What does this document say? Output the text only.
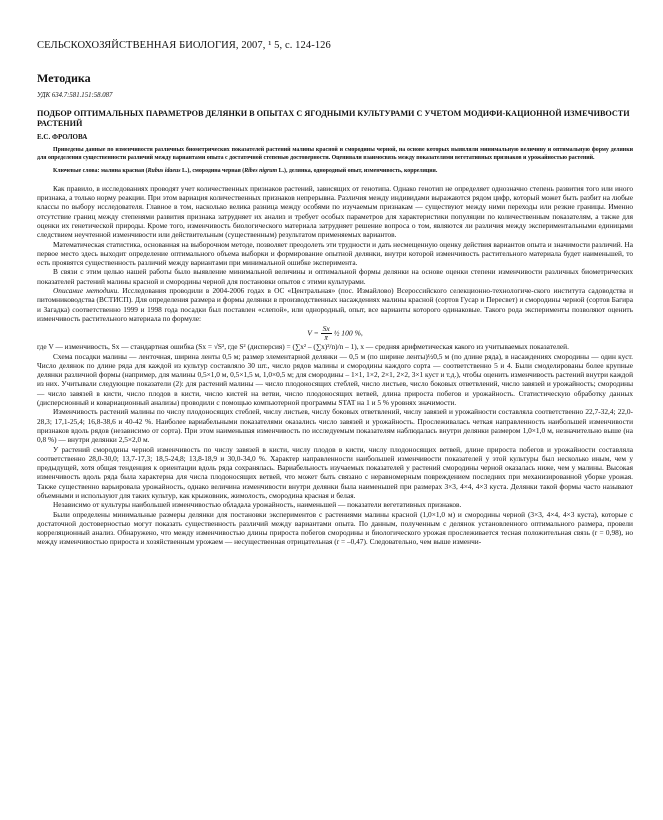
СЕЛЬСКОХОЗЯЙСТВЕННАЯ БИОЛОГИЯ, 2007, ¹ 5, с. 124-126

Методика

УДК 634.7:581.151:58.087

ПОДБОР ОПТИМАЛЬНЫХ ПАРАМЕТРОВ ДЕЛЯНКИ В ОПЫТАХ С ЯГОДНЫМИ КУЛЬТУРАМИ С УЧЕТОМ МОДИФИ-КАЦИОННОЙ ИЗМЕЧИВОСТИ РАСТЕНИЙ

Е.С. ФРОЛОВА

Приведены данные по изменчивости различных биометрических показателей растений малины красной и смородины черной, на основе которых выявляли минимальную величину и оптимальную форму делянки для определения существенности различий между вариантами опыта с достаточной степенью достоверности. Оценивали взаимосвязь между показателями вегетативных признаков и урожайностью растений.

Ключевые слова: малина красная (Rubus idaeus L.), смородина черная (Ribes nigrum L.), делянка, однородный опыт, изменчивость, корреляция.

Как правило, в исследованиях проводят учет количественных признаков растений, зависящих от генотипа. Однако генотип не определяет однозначно степень развития того или иного признака, а только норму реакции. При этом вариация количественных признаков непрерывна. Различия между индивидами выражаются рядом цифр, который может быть разбит на любые классы по выбору исследователя. Главное в том, насколько велика разница между особями по изучаемым признакам — существуют между ними переходы или резкие границы. Именно отсутствие границ между степенями развития признака затрудняет их анализ и требует особых параметров для характеристики популяции по количественным показателям, а также для оценки их генетической природы. Кроме того, изменчивость биологического материала затрудняет решение вопроса о том, являются ли различия между экспериментальными единицами следствием неучтенной изменчивости или действительным (существенным) результатом применяемых вариантов.

Математическая статистика, основанная на выборочном методе, позволяет преодолеть эти трудности и дать несмещенную оценку действия вариантов опыта и значимости различий. На первое место здесь выходит определение оптимального объема выборки и формирование опытной делянки, внутри которой изменчивость растительного материала будет наименьшей, то есть проявятся существенность различий между вариантами при минимальной ошибке эксперимента.

В связи с этим целью нашей работы было выявление минимальной величины и оптимальной формы делянки на основе оценки степени изменчивости различных биометрических показателей растений малины красной и смородины черной для постановки опытов с этими культурами.

Описание методики. Исследования проводили в 2004-2006 годах в ОС «Центральная» (пос. Измайлово) Всероссийского селекционно-технологиче-ского института садоводства и питомниководства (ВСТИСП). Для определения размера и формы делянки в производственных насаждениях малины красной (сортов Гусар и Пересвет) и смородины черной (сортов Багира и Загадка) соответственно 1999 и 1998 года посадки был поставлен «слепой», или однородный, опыт, все варианты которого одинаковые. Такого рода эксперименты позволяют оценить изменчивость растительного материала по формуле:

$V = \frac{Sx}{x̄}$ ½ 100 %,

где V — изменчивость, Sx — стандартная ошибка (Sx = √S², где S² (дисперсия) = (∑x² – (∑x)²/n)/n – 1), x — средняя арифметическая какого из учитываемых показателей.

Схема посадки малины — ленточная, ширина ленты 0,5 м; размер элементарной делянки — 0,5 м (по ширине ленты)½0,5 м (по длине ряда), в насаждениях смородины — один куст. Число делянок по длине ряда для каждой из культур составляло 30 шт., число рядов малины и смородины каждого сорта — соответственно 5 и 4. Были смоделированы более крупные делянки различной формы (например, для малины 0,5×1,0 м, 0,5×1,5 м, 1,0×0,5 м; для смородины – 1×1, 1×2, 2×1, 2×2, 3×1 куст и т.д.), чтобы оценить изменчивость растений внутри каждой из них. Учитывали следующие показатели (2): для растений малины — число плодоносящих стеблей, число листьев, число боковых ответвлений, число завязей и урожайность; смородины — число завязей в кисти, число плодов в кисти, число кистей на ветви, число плодоносящих ветвей, длина прироста побегов и урожайность. Статистическую обработку данных (дисперсионный и ковариационный анализы) проводили с помощью компьютерной программы STAT на 1 и 5 % уровнях значимости.

Изменчивость растений малины по числу плодоносящих стеблей, числу листьев, числу боковых ответвлений, числу завязей и урожайности составляла соответственно 22,7-32,4; 22,0-28,3; 17,1-25,4; 16,8-38,6 и 40-42 %. Наиболее вариабельными показателями оказались число завязей и урожайность. Прослеживалась четкая направленность наибольшей изменчивости признаков вдоль рядов (независимо от сорта). При этом наименьшая изменчивость по исследуемым показателям наблюдалась внутри делянки размером 1,0×1,0 м, незначительно выше (на 0,8 %) — внутри делянки 2,5×2,0 м.

У растений смородины черной изменчивость по числу завязей в кисти, числу плодов в кисти, числу плодоносящих ветвей, длине прироста побегов и урожайности составляла соответственно 28,0-30,0; 13,7-17,3; 18,5-24,8; 13,8-18,9 и 30,0-34,0 %. Характер направленности наибольшей изменчивости показателей у этой культуры был несколько иным, чем у предыдущей, хотя общая тенденция к ориентации вдоль ряда сохранялась. Вариабельность изучаемых показателей у растений смородины черной оказалась ниже, чем у малины. Высокая изменчивость вдоль ряда была характерна для числа плодоносящих ветвей, что может быть связано с неравномерным повреждением последних при механизированной уборке урожая. Также существенно варьировала урожайность, однако величина изменчивости внутри делянки была наименьшей при размерах 3×3, 4×4, 4×3 куста. Делянки такой формы часто называют объемными и используют для таких культур, как крыжовник, жимолость, смородина красная и белая.

Независимо от культуры наибольшей изменчивостью обладала урожайность, наименьшей — показатели вегетативных признаков.

Были определены минимальные размеры делянки для постановки экспериментов с растениями малины красной (1,0×1,0 м) и смородины черной (3×3, 4×4, 4×3 куста), которые с достаточной достоверностью могут показать существенность различий между вариантами опыта. По данным, полученным с делянок установленного оптимального размера, провели корреляционный анализ. Обнаружено, что между изменчивостью длины прироста побегов смородины и биологического урожая прослеживается тесная положительная связь (r = 0,98), но между изменчивостью прироста и хозяйственным урожаем — несущественная отрицательная (r = –0,47). Следовательно, чем выше изменчи-
